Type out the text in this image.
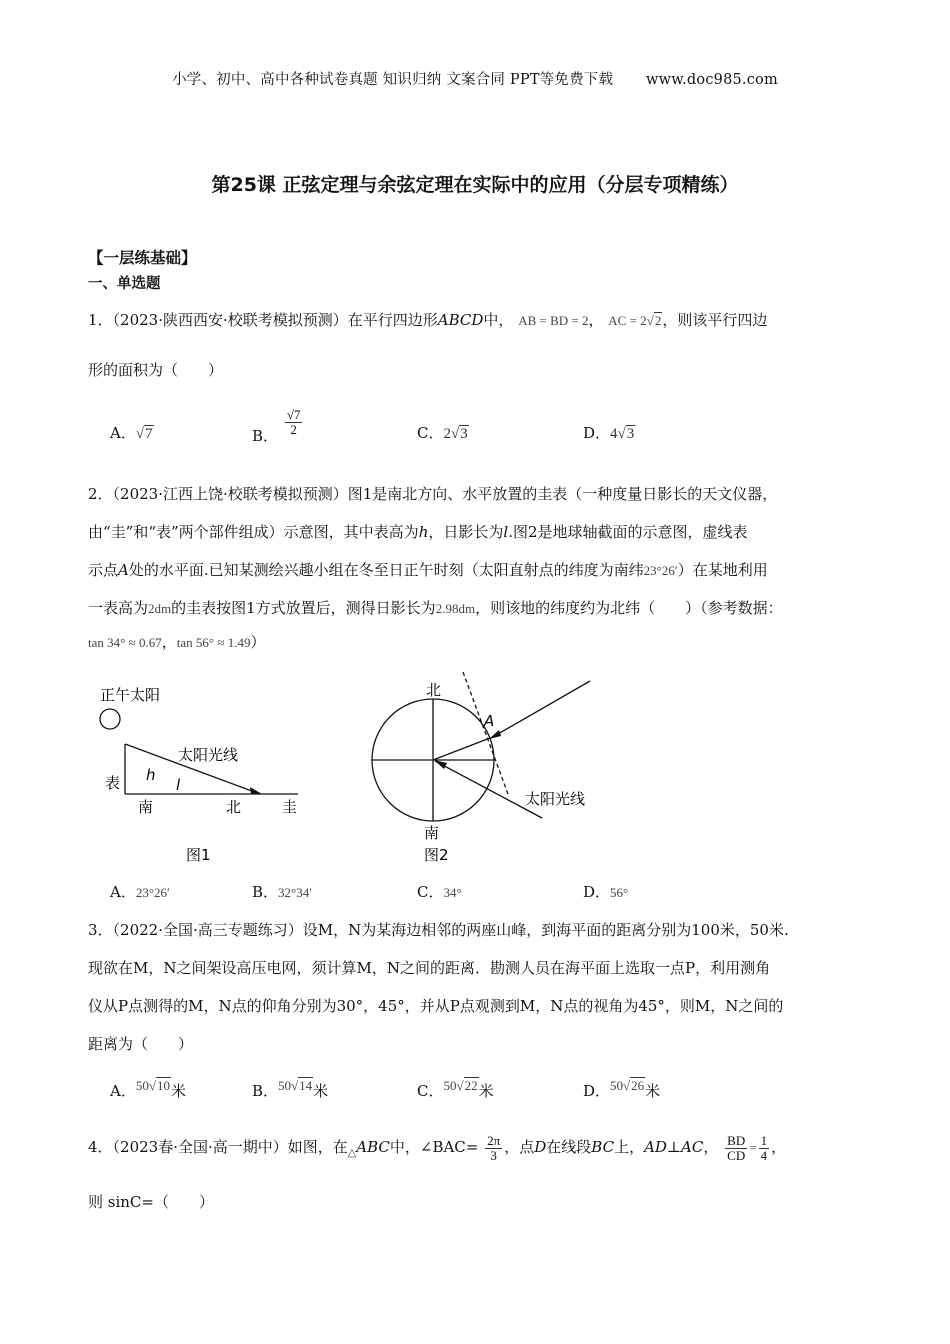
小学、初中、高中各种试卷真题 知识归纳 文案合同 PPT等免费下载 www.doc985.com
第25课 正弦定理与余弦定理在实际中的应用（分层专项精练）
【一层练基础】
一、单选题
1．（2023·陕西西安·校联考模拟预测）在平行四边形ABCD中， AB = BD = 2， AC = 2√2，则该平行四边
形的面积为（　　）
A．√7	B． $\frac{√7}{2}$	C．2√3	D．4√3
2．（2023·江西上饶·校联考模拟预测）图1是南北方向、水平放置的圭表（一种度量日影长的天文仪器，
由“圭”和“表”两个部件组成）示意图，其中表高为h，日影长为l.图2是地球轴截面的示意图，虚线表
示点A处的水平面.已知某测绘兴趣小组在冬至日正午时刻（太阳直射点的纬度为南纬23°26′）在某地利用
一表高为2dm的圭表按图1方式放置后，测得日影长为2.98dm，则该地的纬度约为北纬（　　）（参考数据：
tan 34° ≈ 0.67，tan 56° ≈ 1.49）
正午太阳
太阳光线
表 h
l
南	北	圭
图1
北
A
太阳光线
南
图2
A．23°26′	B．32°34′	C．34°	D．56°
3．（2022·全国·高三专题练习）设M，N为某海边相邻的两座山峰，到海平面的距离分别为100米，50米.
现欲在M，N之间架设高压电网，须计算M，N之间的距离．勘测人员在海平面上选取一点P，利用测角
仪从P点测得的M，N点的仰角分别为30°，45°，并从P点观测到M，N点的视角为45°，则M，N之间的
距离为（　　）
A．50√10米	B．50√14米	C．50√22米	D．50√26米
4．（2023春·全国·高一期中）如图，在$_\triangle$ABC中，∠BAC= $\frac{2\pi}{3}$ ，点D在线段BC上，AD⊥AC， $\frac{BD}{CD} = \frac{1}{4}$ ，
则 sinC=（　　）
